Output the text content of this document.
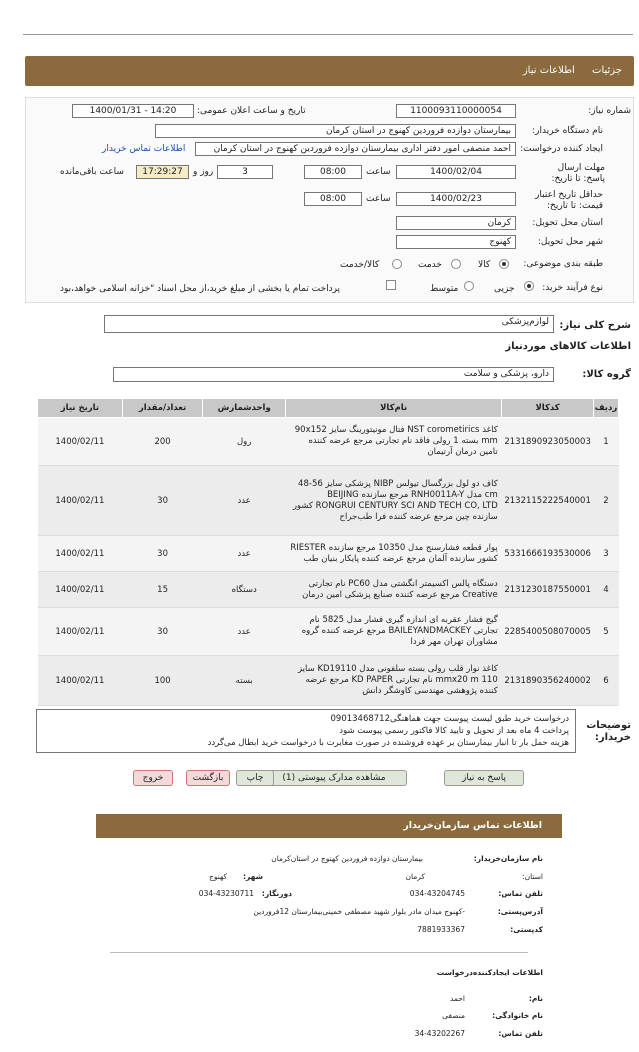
جزئیات اطلاعات نیاز
شماره نیاز:
1100093110000054
تاریخ و ساعت اعلان عمومی:
1400/01/31 - 14:20
نام دستگاه خریدار:
بیمارستان دوازده فروردین کهنوج در استان کرمان
ایجاد کننده درخواست:
احمد منصفی امور دفتر اداری بیمارستان دوازده فروردین کهنوج در استان کرمان
اطلاعات تماس خریدار
مهلت ارسال پاسخ: تا تاریخ:
1400/02/04
ساعت
08:00
3
روز و
17:29:27
ساعت باقی‌مانده
حداقل تاریخ اعتبار قیمت: تا تاریخ:
1400/02/23
ساعت
08:00
استان محل تحویل:
کرمان
شهر محل تحویل:
کهنوج
طبقه بندی موضوعی:
کالا
خدمت
کالا/خدمت
نوع فرآیند خرید:
جزیی
متوسط
پرداخت تمام یا بخشی از مبلغ خرید،از محل اسناد "خزانه اسلامی خواهد،بود
شرح کلی نیاز:
لوازم‌پزشکی
اطلاعات کالاهای موردنیاز
گروه کالا:
دارو، پزشکی و سلامت
تاریخ نیاز	تعداد/مقدار	واحدشمارش	نام‌کالا	کدکالا	ردیف
1400/02/11	200	رول	کاغذ NST corometirics فتال مونیتورینگ سایز 90x152 mm بسته 1 رولی فاقد نام تجارتی مرجع عرضه کننده تامین درمان آرتیمان	2131890923050003	1
1400/02/11	30	عدد	کاف دو لول بزرگسال تیولس NIBP پزشکی سایز 56-48 cm مدل RNH0011A-Y مرجع سازنده BEIJING RONGRUI CENTURY SCI AND TECH CO, LTD کشور سازنده چین مرجع عرضه کننده فرا طب‌جراح	2132115222540001	2
1400/02/11	30	عدد	پوار قطعه فشارسنج مدل 10350 مرجع سازنده RIESTER کشور سازنده آلمان مرجع عرضه کننده پایکار بنیان طب	5331666193530006	3
1400/02/11	15	دستگاه	دستگاه پالس اکسیمتر انگشتی مدل PC60 نام تجارتی Creative مرجع عرضه کننده صنایع پزشکی امین درمان	2131230187550001	4
1400/02/11	30	عدد	گیج فشار عقربه ای اندازه گیری فشار مدل 5825 نام تجارتی BAILEYANDMACKEY مرجع عرضه کننده گروه مشاوران تهران مهر فردا	2285400508070005	5
1400/02/11	100	بسته	کاغذ نوار قلب رولی بسته سلفونی مدل KD19110 سایز 110 mmx20 m نام تجارتی KD PAPER مرجع عرضه کننده پژوهشی مهندسی کاوشگر دانش	2131890356240002	6
توضیحات خریدار:
درخواست خرید طبق لیست پیوست جهت هماهنگی09013468712
پرداخت 4 ماه بعد از تحویل و تایید کالا فاکتور رسمی پیوست شود
هزینه حمل بار تا انبار بیمارستان بر عهده فروشنده در صورت مغایرت با درخواست خرید ابطال می‌گردد
پاسخ به نیاز
مشاهده مدارک پیوستی (1)
چاپ
بازگشت
خروج
اطلاعات تماس سازمان‌خریدار
نام سازمان‌خریدار:
بیمارستان دوازده فروردین کهنوج در استان‌کرمان
استان:
کرمان
شهر:
کهنوج
تلفن تماس:
034-43204745
دورنگار:
034-43230711
آدرس‌پستی:
-کهنوج میدان مادر بلوار شهید مصطفی خمینی‌بیمارستان 12فروردین
کدپستی:
7881933367
اطلاعات ایجادکننده‌درخواست
نام:
احمد
نام خانوادگی:
منصفی
تلفن تماس:
34-43202267
